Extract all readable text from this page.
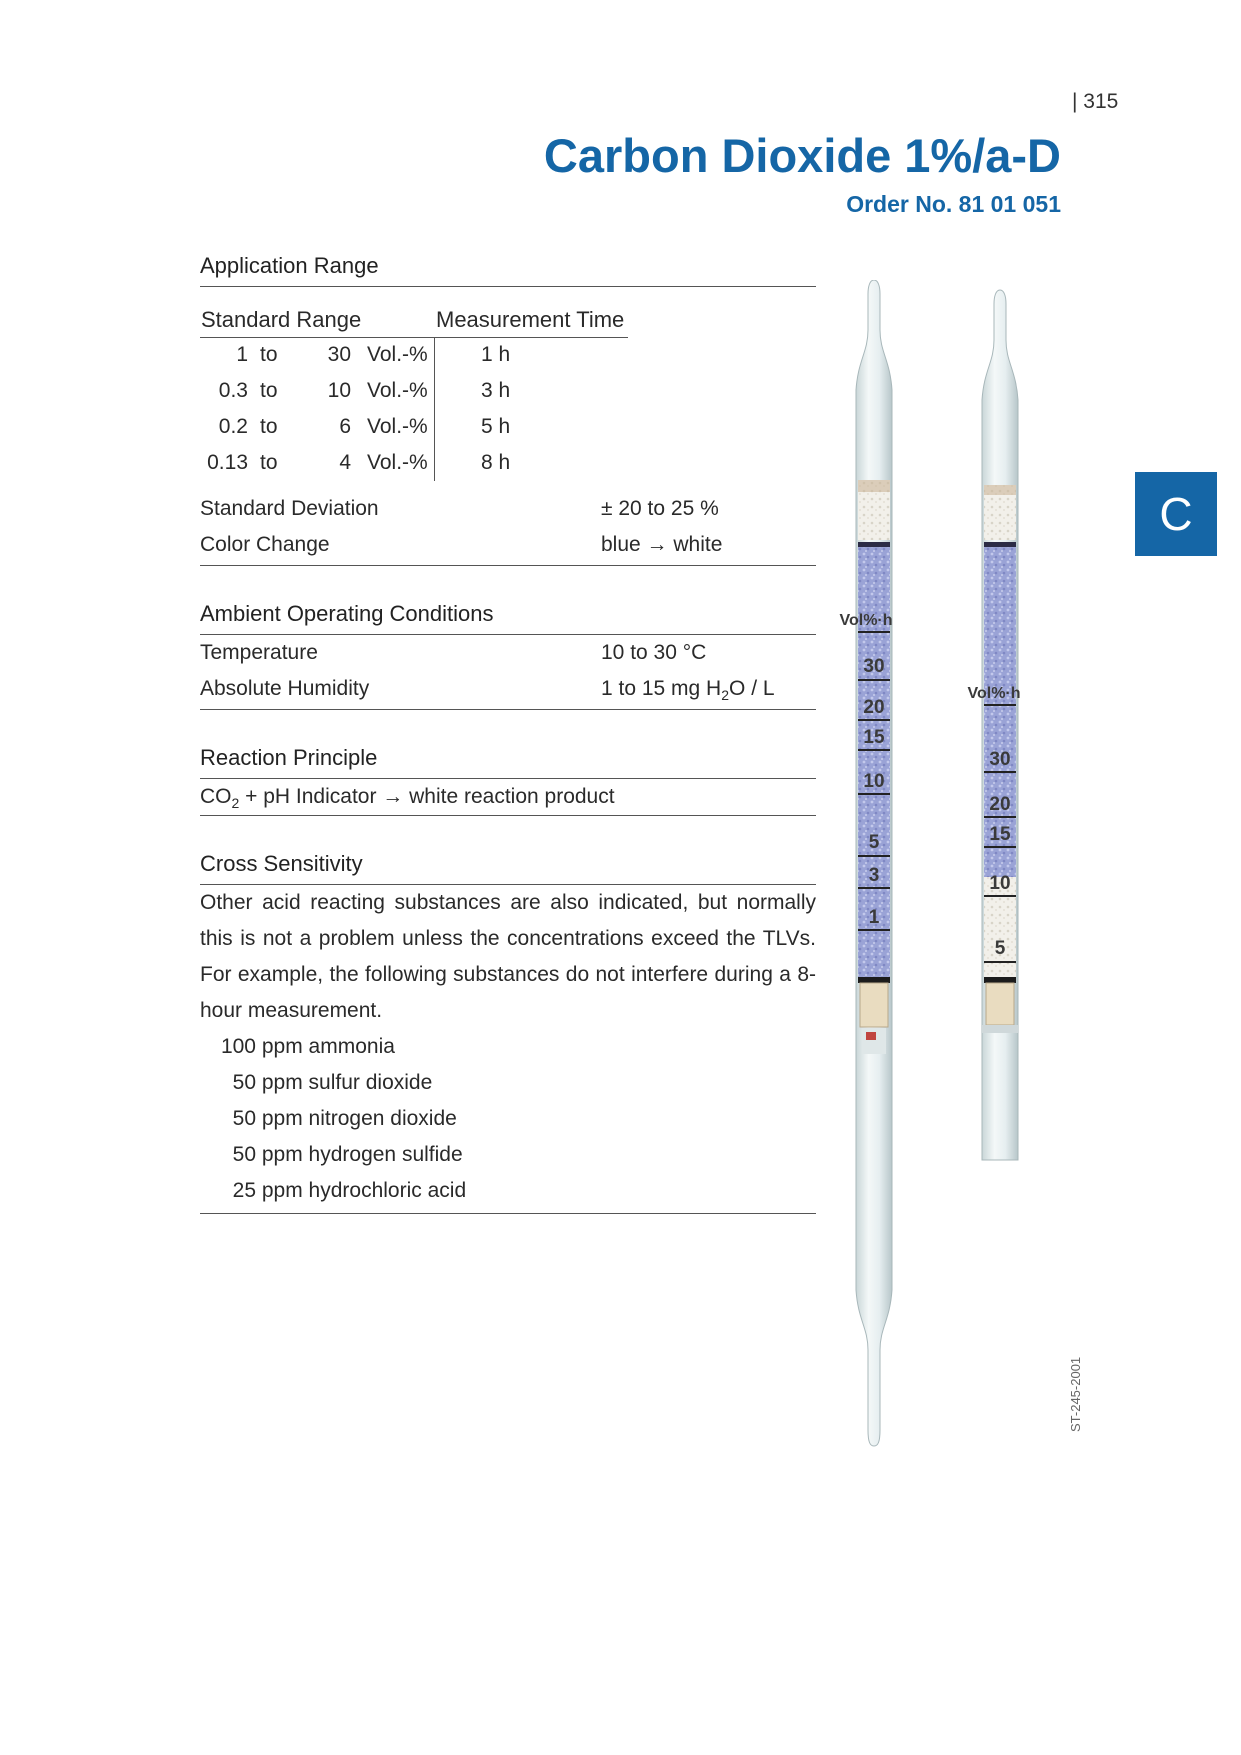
| 315
Carbon Dioxide 1%/a-D
Order No. 81 01 051
C
ST-245-2001
Application Range
Standard Range	Measurement Time
1 to	30 Vol.-%	1 h
0.3 to	10 Vol.-%	3 h
0.2 to	6 Vol.-%	5 h
0.13 to	4 Vol.-%	8 h
Standard Deviation	± 20 to 25 %
Color Change	blue → white
Ambient Operating Conditions
Temperature	10 to 30 °C
Absolute Humidity	1 to 15 mg $H_2O$ / L
Reaction Principle
$CO_2$ + pH Indicator → white reaction product
Cross Sensitivity

Other acid reacting substances are also indicated, but normally this is not a problem unless the concentrations exceed the TLVs. For example, the following substances do not interfere during a 8-hour measurement.

100 ppm ammonia
50 ppm sulfur dioxide
50 ppm nitrogen dioxide
50 ppm hydrogen sulfide
25 ppm hydrochloric acid
Vol%·h
30
20
15
10
5
3
1
Vol%·h
30
20
15
10
5
